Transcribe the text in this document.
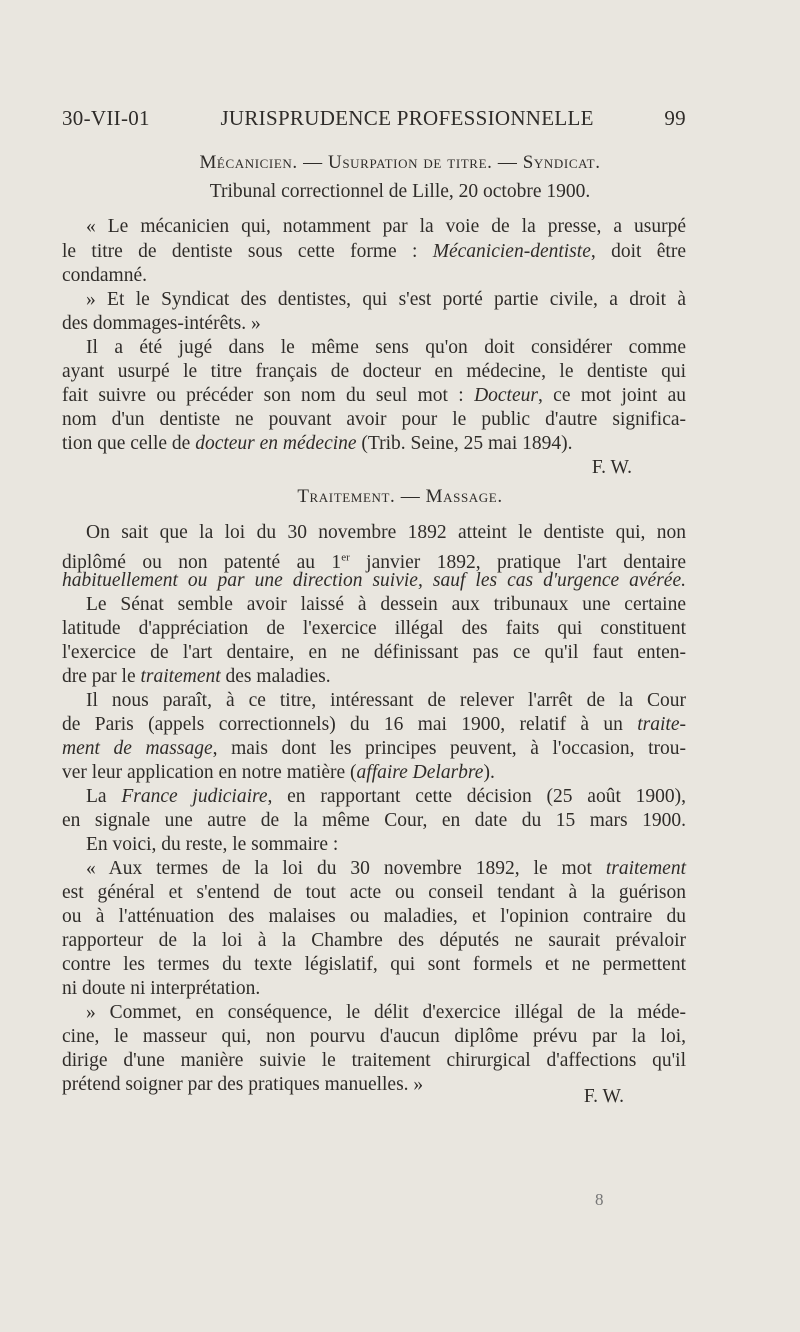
30-VII-01	JURISPRUDENCE PROFESSIONNELLE	99
Mécanicien. — Usurpation de titre. — Syndicat.
Tribunal correctionnel de Lille, 20 octobre 1900.
« Le mécanicien qui, notamment par la voie de la presse, a usurpé
le titre de dentiste sous cette forme : Mécanicien-dentiste, doit être
condamné.
» Et le Syndicat des dentistes, qui s'est porté partie civile, a droit à
des dommages-intérêts. »
Il a été jugé dans le même sens qu'on doit considérer comme
ayant usurpé le titre français de docteur en médecine, le dentiste qui
fait suivre ou précéder son nom du seul mot : Docteur, ce mot joint au
nom d'un dentiste ne pouvant avoir pour le public d'autre significa-
tion que celle de docteur en médecine (Trib. Seine, 25 mai 1894).
F. W.
Traitement. — Massage.
On sait que la loi du 30 novembre 1892 atteint le dentiste qui, non
diplômé ou non patenté au 1er janvier 1892, pratique l'art dentaire
habituellement ou par une direction suivie, sauf les cas d'urgence avérée.
Le Sénat semble avoir laissé à dessein aux tribunaux une certaine
latitude d'appréciation de l'exercice illégal des faits qui constituent
l'exercice de l'art dentaire, en ne définissant pas ce qu'il faut enten-
dre par le traitement des maladies.
Il nous paraît, à ce titre, intéressant de relever l'arrêt de la Cour
de Paris (appels correctionnels) du 16 mai 1900, relatif à un traite-
ment de massage, mais dont les principes peuvent, à l'occasion, trou-
ver leur application en notre matière (affaire Delarbre).
La France judiciaire, en rapportant cette décision (25 août 1900),
en signale une autre de la même Cour, en date du 15 mars 1900.
En voici, du reste, le sommaire :
« Aux termes de la loi du 30 novembre 1892, le mot traitement
est général et s'entend de tout acte ou conseil tendant à la guérison
ou à l'atténuation des malaises ou maladies, et l'opinion contraire du
rapporteur de la loi à la Chambre des députés ne saurait prévaloir
contre les termes du texte législatif, qui sont formels et ne permettent
ni doute ni interprétation.
» Commet, en conséquence, le délit d'exercice illégal de la méde-
cine, le masseur qui, non pourvu d'aucun diplôme prévu par la loi,
dirige d'une manière suivie le traitement chirurgical d'affections qu'il
prétend soigner par des pratiques manuelles. »
F. W.
8
